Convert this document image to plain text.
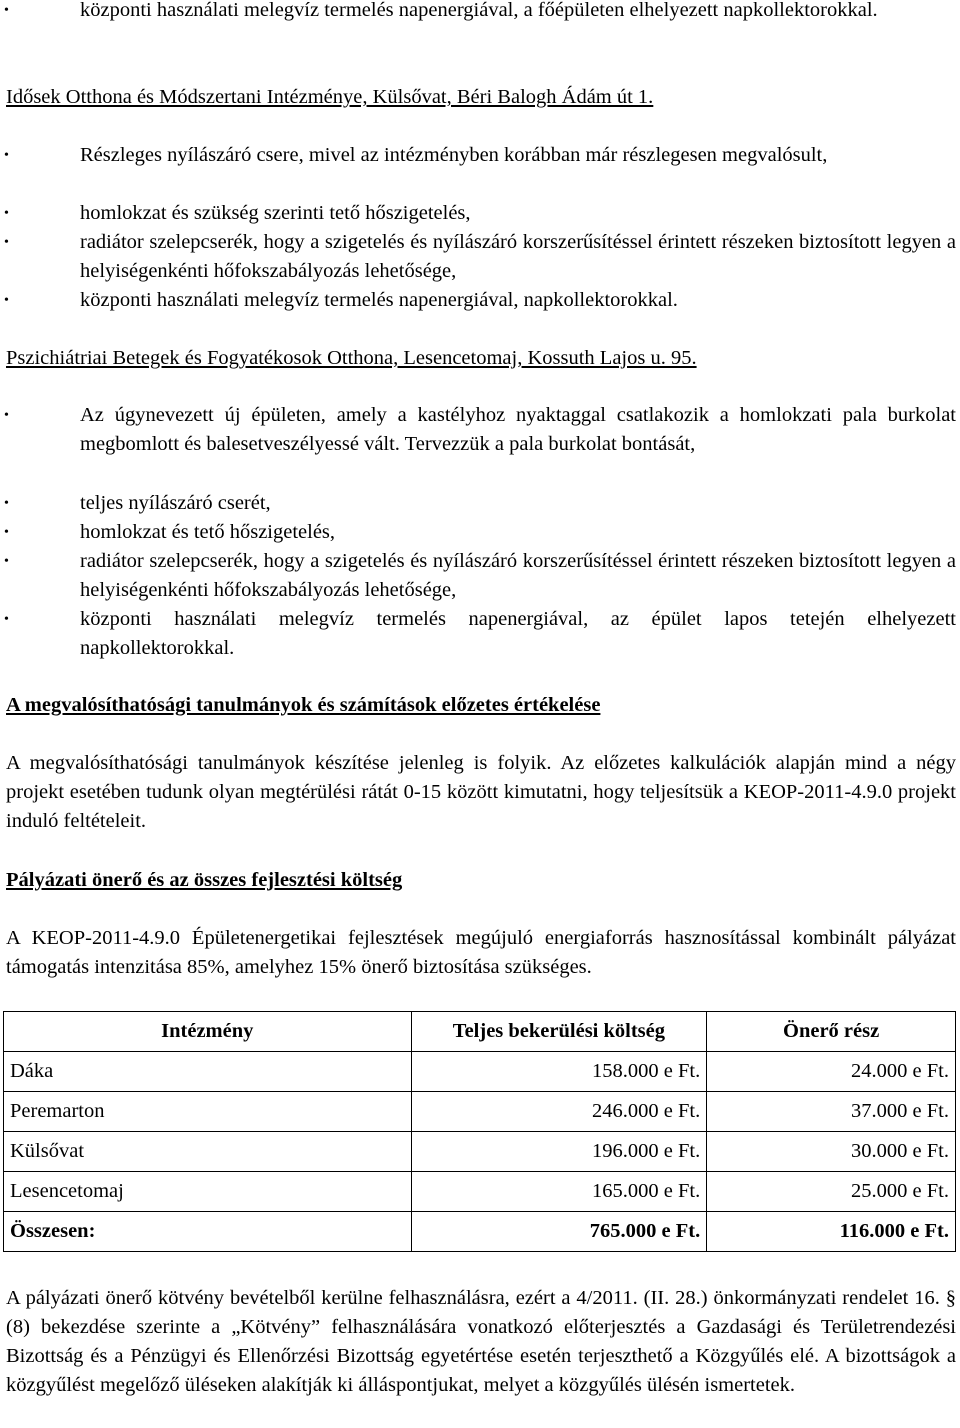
• központi használati melegvíz termelés napenergiával, a főépületen elhelyezett napkollektorokkal.
Idősek Otthona és Módszertani Intézménye, Külsővat, Béri Balogh Ádám út 1.
• Részleges nyílászáró csere, mivel az intézményben korábban már részlegesen megvalósult,
• homlokzat és szükség szerinti tető hőszigetelés,
• radiátor szelepcserék, hogy a szigetelés és nyílászáró korszerűsítéssel érintett részeken biztosított legyen a helyiségenkénti hőfokszabályozás lehetősége,
• központi használati melegvíz termelés napenergiával, napkollektorokkal.
Pszichiátriai Betegek és Fogyatékosok Otthona, Lesencetomaj, Kossuth Lajos u. 95.
• Az úgynevezett új épületen, amely a kastélyhoz nyaktaggal csatlakozik a homlokzati pala burkolat megbomlott és balesetveszélyessé vált. Tervezzük a pala burkolat bontását,
• teljes nyílászáró cserét,
• homlokzat és tető hőszigetelés,
• radiátor szelepcserék, hogy a szigetelés és nyílászáró korszerűsítéssel érintett részeken biztosított legyen a helyiségenkénti hőfokszabályozás lehetősége,
• központi használati melegvíz termelés napenergiával, az épület lapos tetején elhelyezett napkollektorokkal.
A megvalósíthatósági tanulmányok és számítások előzetes értékelése
A megvalósíthatósági tanulmányok készítése jelenleg is folyik. Az előzetes kalkulációk alapján mind a négy projekt esetében tudunk olyan megtérülési rátát 0-15 között kimutatni, hogy teljesítsük a KEOP-2011-4.9.0 projekt induló feltételeit.
Pályázati önerő és az összes fejlesztési költség
A KEOP-2011-4.9.0 Épületenergetikai fejlesztések megújuló energiaforrás hasznosítással kombinált pályázat támogatás intenzitása 85%, amelyhez 15% önerő biztosítása szükséges.
Intézmény	Teljes bekerülési költség	Önerő rész
Dáka	158.000 e Ft.	24.000 e Ft.
Peremarton	246.000 e Ft.	37.000 e Ft.
Külsővat	196.000 e Ft.	30.000 e Ft.
Lesencetomaj	165.000 e Ft.	25.000 e Ft.
Összesen:	765.000 e Ft.	116.000 e Ft.
A pályázati önerő kötvény bevételből kerülne felhasználásra, ezért a 4/2011. (II. 28.) önkormányzati rendelet 16. § (8) bekezdése szerinte a „Kötvény” felhasználására vonatkozó előterjesztés a Gazdasági és Területrendezési Bizottság és a Pénzügyi és Ellenőrzési Bizottság egyetértése esetén terjeszthető a Közgyűlés elé. A bizottságok a közgyűlést megelőző üléseken alakítják ki álláspontjukat, melyet a közgyűlés ülésén ismertetek.
